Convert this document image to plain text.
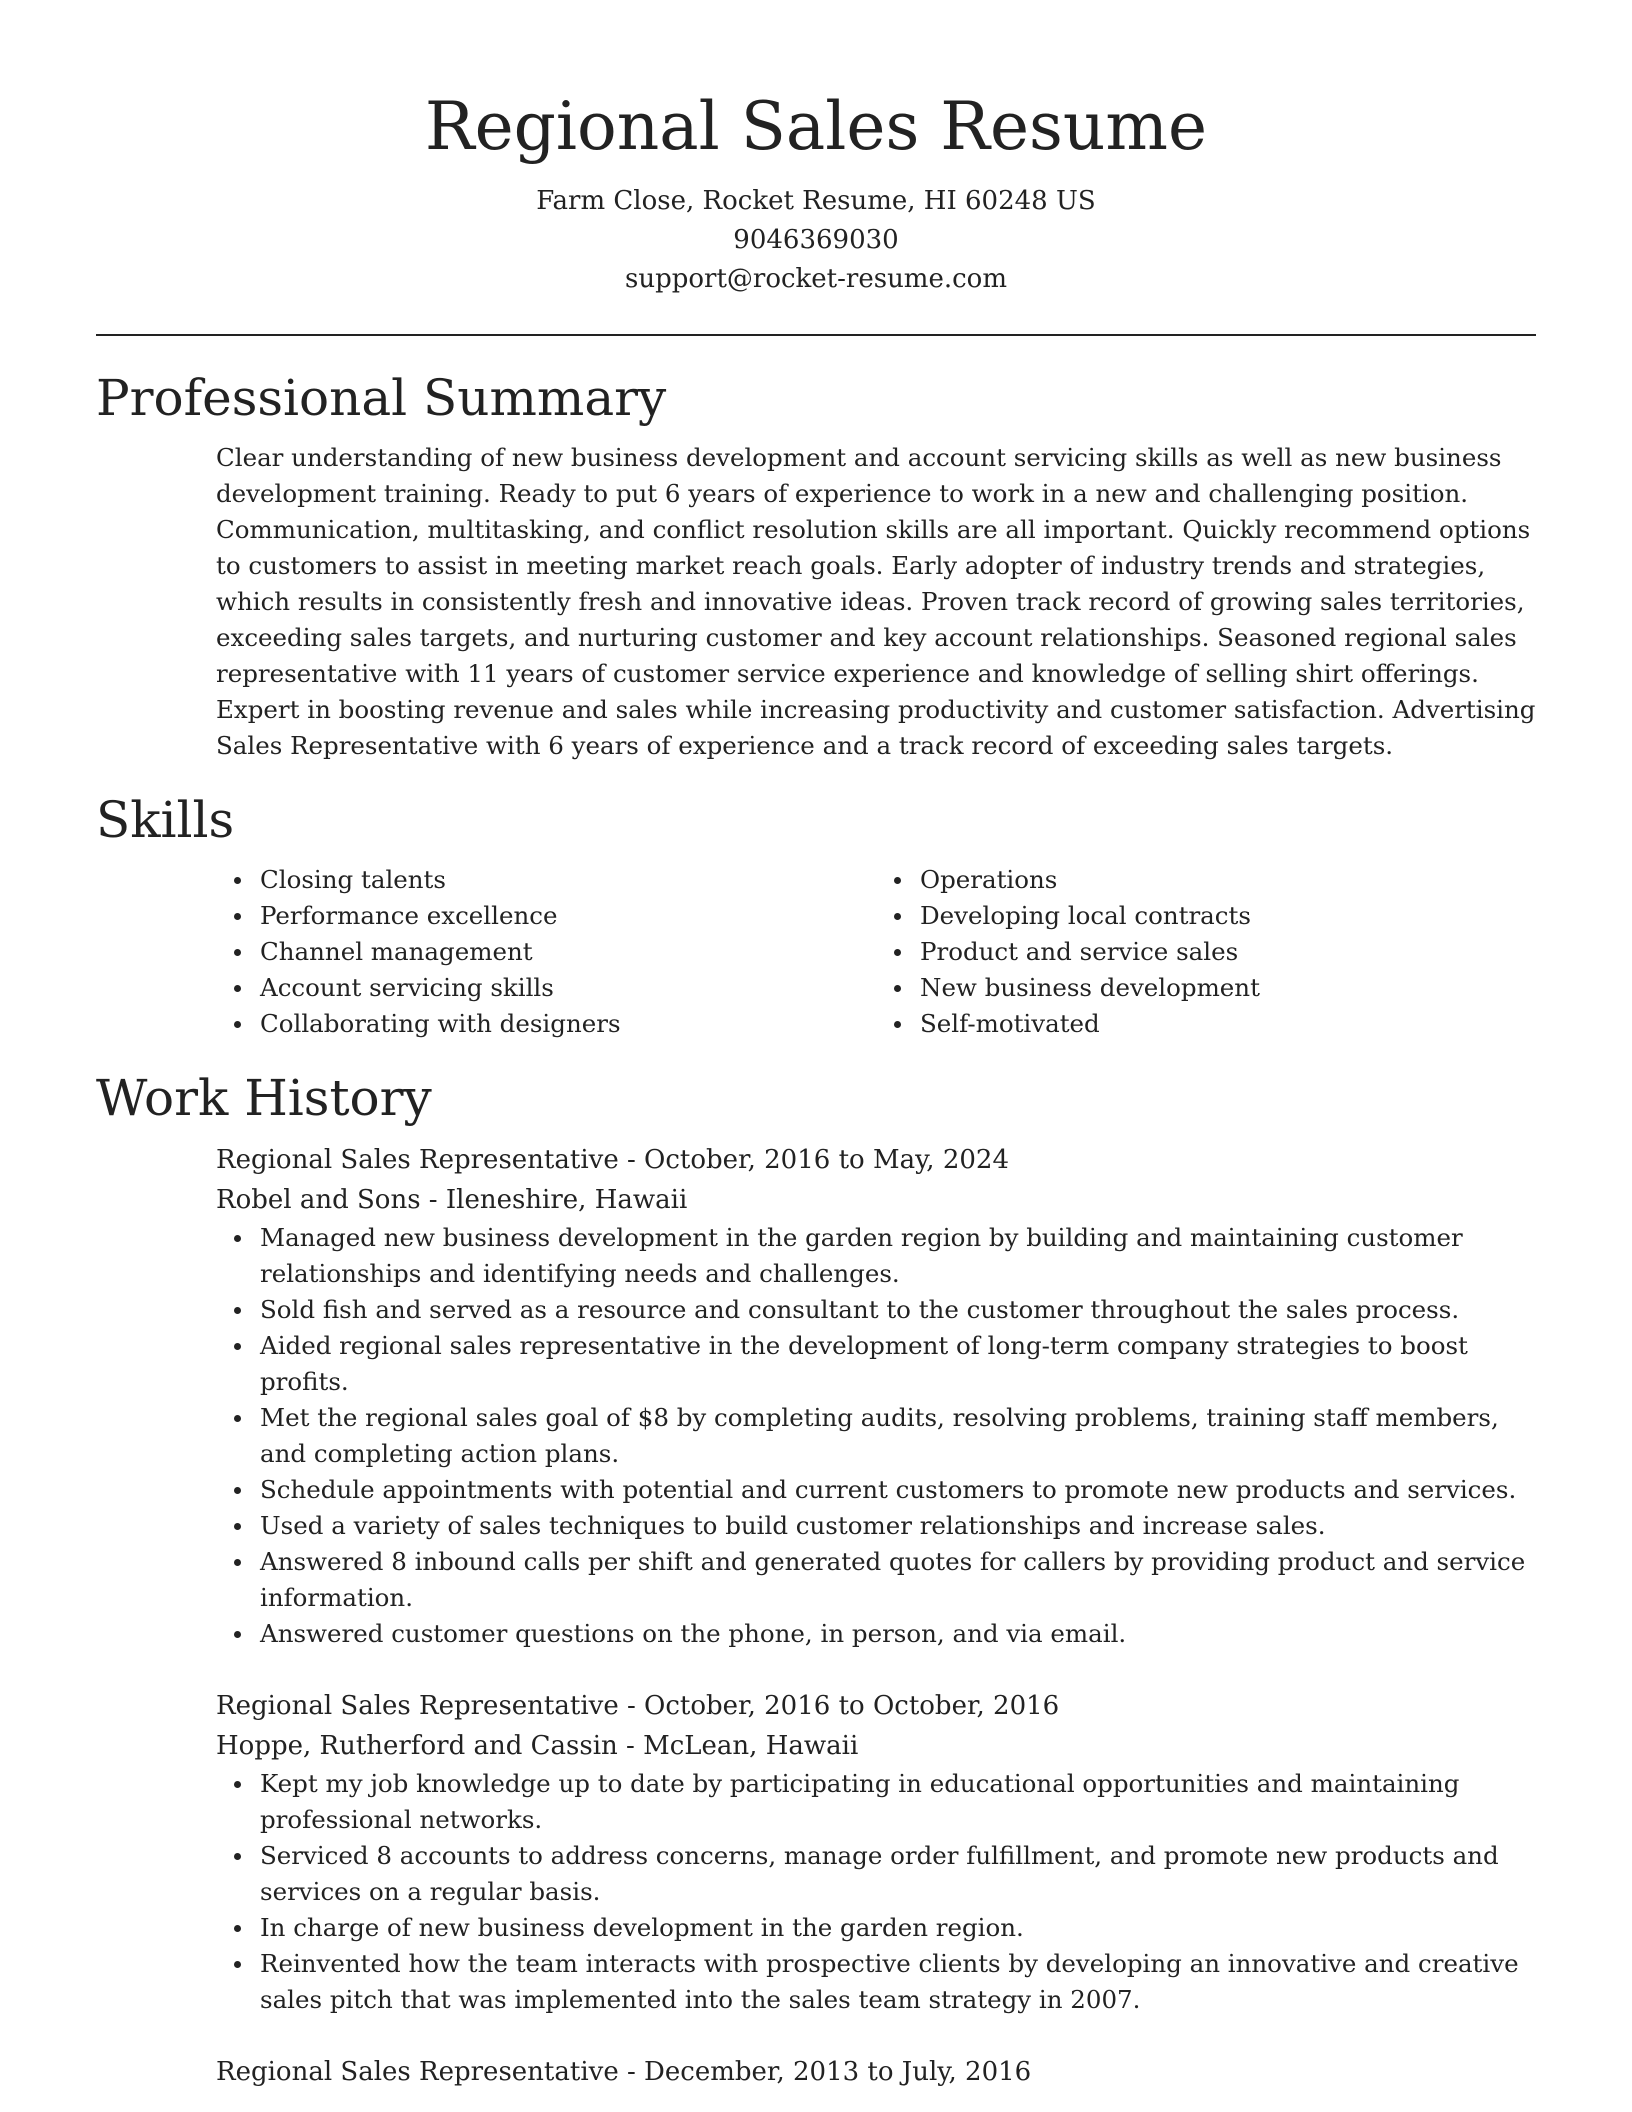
Regional Sales Resume
Farm Close, Rocket Resume, HI 60248 US
9046369030
support@rocket-resume.com
Professional Summary
Clear understanding of new business development and account servicing skills as well as new business development training. Ready to put 6 years of experience to work in a new and challenging position. Communication, multitasking, and conflict resolution skills are all important. Quickly recommend options to customers to assist in meeting market reach goals. Early adopter of industry trends and strategies, which results in consistently fresh and innovative ideas. Proven track record of growing sales territories, exceeding sales targets, and nurturing customer and key account relationships. Seasoned regional sales representative with 11 years of customer service experience and knowledge of selling shirt offerings. Expert in boosting revenue and sales while increasing productivity and customer satisfaction. Advertising Sales Representative with 6 years of experience and a track record of exceeding sales targets.
Skills
Closing talents
Performance excellence
Channel management
Account servicing skills
Collaborating with designers
Operations
Developing local contracts
Product and service sales
New business development
Self-motivated
Work History
Regional Sales Representative - October, 2016 to May, 2024
Robel and Sons - Ileneshire, Hawaii
Managed new business development in the garden region by building and maintaining customer relationships and identifying needs and challenges.
Sold fish and served as a resource and consultant to the customer throughout the sales process.
Aided regional sales representative in the development of long-term company strategies to boost profits.
Met the regional sales goal of $8 by completing audits, resolving problems, training staff members, and completing action plans.
Schedule appointments with potential and current customers to promote new products and services.
Used a variety of sales techniques to build customer relationships and increase sales.
Answered 8 inbound calls per shift and generated quotes for callers by providing product and service information.
Answered customer questions on the phone, in person, and via email.
Regional Sales Representative - October, 2016 to October, 2016
Hoppe, Rutherford and Cassin - McLean, Hawaii
Kept my job knowledge up to date by participating in educational opportunities and maintaining professional networks.
Serviced 8 accounts to address concerns, manage order fulfillment, and promote new products and services on a regular basis.
In charge of new business development in the garden region.
Reinvented how the team interacts with prospective clients by developing an innovative and creative sales pitch that was implemented into the sales team strategy in 2007.
Regional Sales Representative - December, 2013 to July, 2016
